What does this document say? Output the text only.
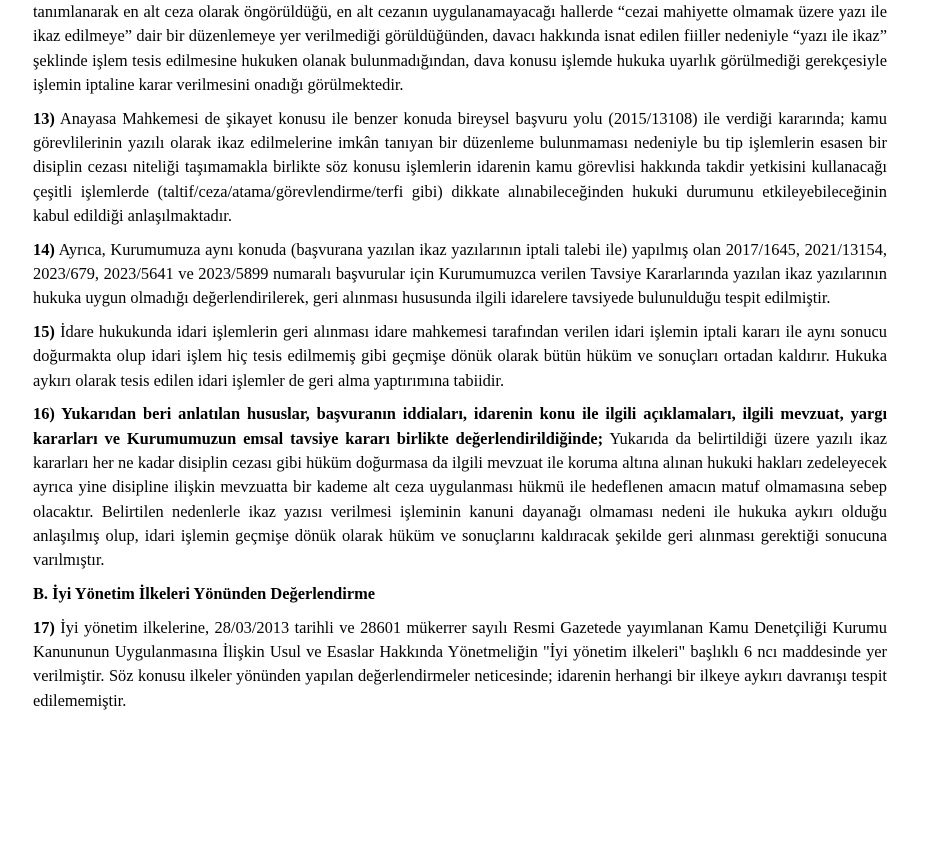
tanımlanarak en alt ceza olarak öngörüldüğü, en alt cezanın uygulanamayacağı hallerde “cezai mahiyette olmamak üzere yazı ile ikaz edilmeye” dair bir düzenlemeye yer verilmediği görüldüğünden, davacı hakkında isnat edilen fiiller nedeniyle “yazı ile ikaz” şeklinde işlem tesis edilmesine hukuken olanak bulunmadığından, dava konusu işlemde hukuka uyarlık görülmediği gerekçesiyle işlemin iptaline karar verilmesini onadığı görülmektedir.

13) Anayasa Mahkemesi de şikayet konusu ile benzer konuda bireysel başvuru yolu (2015/13108) ile verdiği kararında; kamu görevlilerinin yazılı olarak ikaz edilmelerine imkân tanıyan bir düzenleme bulunmaması nedeniyle bu tip işlemlerin esasen bir disiplin cezası niteliği taşımamakla birlikte söz konusu işlemlerin idarenin kamu görevlisi hakkında takdir yetkisini kullanacağı çeşitli işlemlerde (taltif/ceza/atama/görevlendirme/terfi gibi) dikkate alınabileceğinden hukuki durumunu etkileyebileceğinin kabul edildiği anlaşılmaktadır.

14) Ayrıca, Kurumumuza aynı konuda (başvurana yazılan ikaz yazılarının iptali talebi ile) yapılmış olan 2017/1645, 2021/13154, 2023/679, 2023/5641 ve 2023/5899 numaralı başvurular için Kurumumuzca verilen Tavsiye Kararlarında yazılan ikaz yazılarının hukuka uygun olmadığı değerlendirilerek, geri alınması hususunda ilgili idarelere tavsiyede bulunulduğu tespit edilmiştir.

15) İdare hukukunda idari işlemlerin geri alınması idare mahkemesi tarafından verilen idari işlemin iptali kararı ile aynı sonucu doğurmakta olup idari işlem hiç tesis edilmemiş gibi geçmişe dönük olarak bütün hüküm ve sonuçları ortadan kaldırır. Hukuka aykırı olarak tesis edilen idari işlemler de geri alma yaptırımına tabiidir.

16) Yukarıdan beri anlatılan hususlar, başvuranın iddiaları, idarenin konu ile ilgili açıklamaları, ilgili mevzuat, yargı kararları ve Kurumumuzun emsal tavsiye kararı birlikte değerlendirildiğinde; Yukarıda da belirtildiği üzere yazılı ikaz kararları her ne kadar disiplin cezası gibi hüküm doğurmasa da ilgili mevzuat ile koruma altına alınan hukuki hakları zedeleyecek ayrıca yine disipline ilişkin mevzuatta bir kademe alt ceza uygulanması hükmü ile hedeflenen amacın matuf olmamasına sebep olacaktır. Belirtilen nedenlerle ikaz yazısı verilmesi işleminin kanuni dayanağı olmaması nedeni ile hukuka aykırı olduğu anlaşılmış olup, idari işlemin geçmişe dönük olarak hüküm ve sonuçlarını kaldıracak şekilde geri alınması gerektiği sonucuna varılmıştır.

B. İyi Yönetim İlkeleri Yönünden Değerlendirme

17) İyi yönetim ilkelerine, 28/03/2013 tarihli ve 28601 mükerrer sayılı Resmi Gazetede yayımlanan Kamu Denetçiliği Kurumu Kanununun Uygulanmasına İlişkin Usul ve Esaslar Hakkında Yönetmeliğin "İyi yönetim ilkeleri" başlıklı 6 ncı maddesinde yer verilmiştir. Söz konusu ilkeler yönünden yapılan değerlendirmeler neticesinde; idarenin herhangi bir ilkeye aykırı davranışı tespit edilememiştir.
